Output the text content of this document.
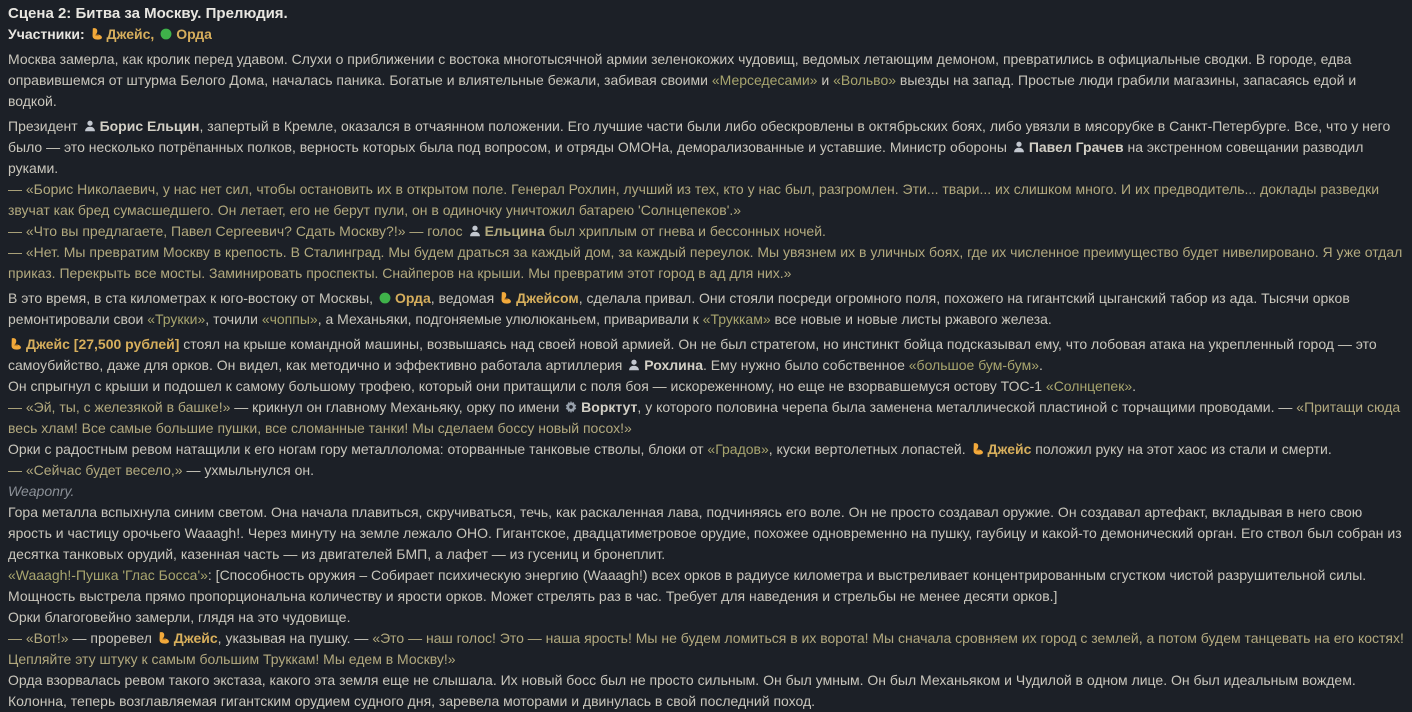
Сцена 2: Битва за Москву. Прелюдия.
Участники:
Джейс, Орда
Москва замерла, как кролик перед удавом. Слухи о приближении с востока многотысячной армии зеленокожих чудовищ, ведомых летающим демоном, превратились в официальные сводки. В городе, едва оправившемся от штурма Белого Дома, началась паника. Богатые и влиятельные бежали, забивая своими «Мерседесами» и «Вольво» выезды на запад. Простые люди грабили магазины, запасаясь едой и водкой.
Президент
Борис Ельцин, запертый в Кремле, оказался в отчаянном положении. Его лучшие части были либо обескровлены в октябрьских боях, либо увязли в мясорубке в Санкт-Петербурге. Все, что у него было — это несколько потрёпанных полков, верность которых была под вопросом, и отряды ОМОНа, деморализованные и уставшие. Министр обороны
Павел Грачев на экстренном совещании разводил руками.
— «Борис Николаевич, у нас нет сил, чтобы остановить их в открытом поле. Генерал Рохлин, лучший из тех, кто у нас был, разгромлен. Эти... твари... их слишком много. И их предводитель... доклады разведки звучат как бред сумасшедшего. Он летает, его не берут пули, он в одиночку уничтожил батарею 'Солнцепеков'.»
— «Что вы предлагаете, Павел Сергеевич? Сдать Москву?!» — голос
Ельцина был хриплым от гнева и бессонных ночей.
— «Нет. Мы превратим Москву в крепость. В Сталинград. Мы будем драться за каждый дом, за каждый переулок. Мы увязнем их в уличных боях, где их численное преимущество будет нивелировано. Я уже отдал приказ. Перекрыть все мосты. Заминировать проспекты. Снайперов на крыши. Мы превратим этот город в ад для них.»
В это время, в ста километрах к юго-востоку от Москвы,
Орда, ведомая
Джейсом, сделала привал. Они стояли посреди огромного поля, похожего на гигантский цыганский табор из ада. Тысячи орков ремонтировали свои «Трукки», точили «чоппы», а Механьяки, подгоняемые улюлюканьем, приваривали к «Труккам» все новые и новые листы ржавого железа.
Джейс [27,500 рублей] стоял на крыше командной машины, возвышаясь над своей новой армией. Он не был стратегом, но инстинкт бойца подсказывал ему, что лобовая атака на укрепленный город — это самоубийство, даже для орков. Он видел, как методично и эффективно работала артиллерия
Рохлина. Ему нужно было собственное «большое бум-бум».
Он спрыгнул с крыши и подошел к самому большому трофею, который они притащили с поля боя — искореженному, но еще не взорвавшемуся остову ТОС-1 «Солнцепек».
— «Эй, ты, с железякой в башке!» — крикнул он главному Механьяку, орку по имени
Ворктут, у которого половина черепа была заменена металлической пластиной с торчащими проводами. — «Притащи сюда весь хлам! Все самые большие пушки, все сломанные танки! Мы сделаем боссу новый посох!»
Орки с радостным ревом натащили к его ногам гору металлолома: оторванные танковые стволы, блоки от «Градов», куски вертолетных лопастей.
Джейс положил руку на этот хаос из стали и смерти.
— «Сейчас будет весело,» — ухмыльнулся он.
Weaponry.
Гора металла вспыхнула синим светом. Она начала плавиться, скручиваться, течь, как раскаленная лава, подчиняясь его воле. Он не просто создавал оружие. Он создавал артефакт, вкладывая в него свою ярость и частицу орочьего Waaagh!. Через минуту на земле лежало ОНО. Гигантское, двадцатиметровое орудие, похожее одновременно на пушку, гаубицу и какой-то демонический орган. Его ствол был собран из десятка танковых орудий, казенная часть — из двигателей БМП, а лафет — из гусениц и бронеплит.
«Waaagh!-Пушка 'Глас Босса'»: [Способность оружия – Собирает психическую энергию (Waaagh!) всех орков в радиусе километра и выстреливает концентрированным сгустком чистой разрушительной силы. Мощность выстрела прямо пропорциональна количеству и ярости орков. Может стрелять раз в час. Требует для наведения и стрельбы не менее десяти орков.]
Орки благоговейно замерли, глядя на это чудовище.
— «Вот!» — проревел
Джейс, указывая на пушку. — «Это — наш голос! Это — наша ярость! Мы не будем ломиться в их ворота! Мы сначала сровняем их город с землей, а потом будем танцевать на его костях! Цепляйте эту штуку к самым большим Труккам! Мы едем в Москву!»
Орда взорвалась ревом такого экстаза, какого эта земля еще не слышала. Их новый босс был не просто сильным. Он был умным. Он был Механьяком и Чудилой в одном лице. Он был идеальным вождем. Колонна, теперь возглавляемая гигантским орудием судного дня, заревела моторами и двинулась в свой последний поход.
